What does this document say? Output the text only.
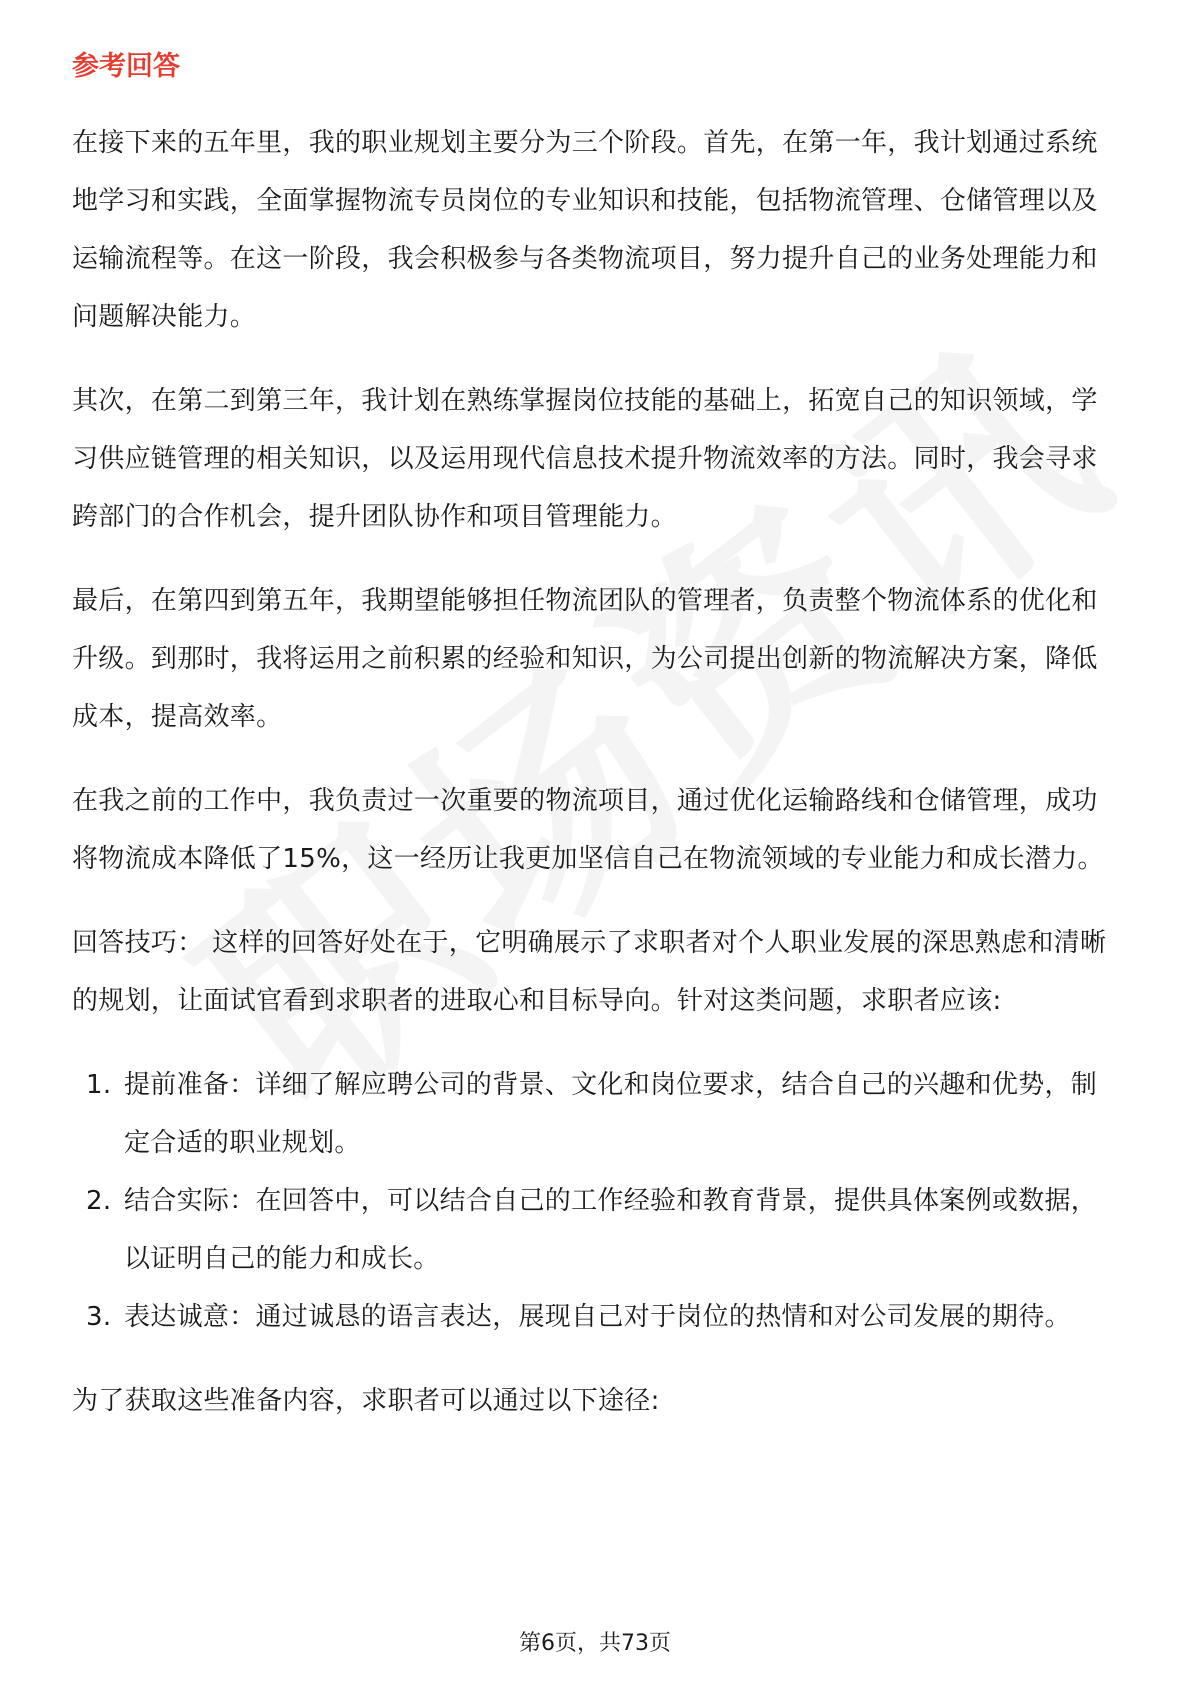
参考回答

在接下来的五年里，我的职业规划主要分为三个阶段。首先，在第一年，我计划通过系统地学习和实践，全面掌握物流专员岗位的专业知识和技能，包括物流管理、仓储管理以及运输流程等。在这一阶段，我会积极参与各类物流项目，努力提升自己的业务处理能力和问题解决能力。

其次，在第二到第三年，我计划在熟练掌握岗位技能的基础上，拓宽自己的知识领域，学习供应链管理的相关知识，以及运用现代信息技术提升物流效率的方法。同时，我会寻求跨部门的合作机会，提升团队协作和项目管理能力。

最后，在第四到第五年，我期望能够担任物流团队的管理者，负责整个物流体系的优化和升级。到那时，我将运用之前积累的经验和知识，为公司提出创新的物流解决方案，降低成本，提高效率。

在我之前的工作中，我负责过一次重要的物流项目，通过优化运输路线和仓储管理，成功将物流成本降低了15%，这一经历让我更加坚信自己在物流领域的专业能力和成长潜力。

回答技巧： 这样的回答好处在于，它明确展示了求职者对个人职业发展的深思熟虑和清晰的规划，让面试官看到求职者的进取心和目标导向。针对这类问题，求职者应该:

1. 提前准备：详细了解应聘公司的背景、文化和岗位要求，结合自己的兴趣和优势，制定合适的职业规划。
2. 结合实际：在回答中，可以结合自己的工作经验和教育背景，提供具体案例或数据，以证明自己的能力和成长。
3. 表达诚意：通过诚恳的语言表达，展现自己对于岗位的热情和对公司发展的期待。

为了获取这些准备内容，求职者可以通过以下途径:

第6页，共73页
